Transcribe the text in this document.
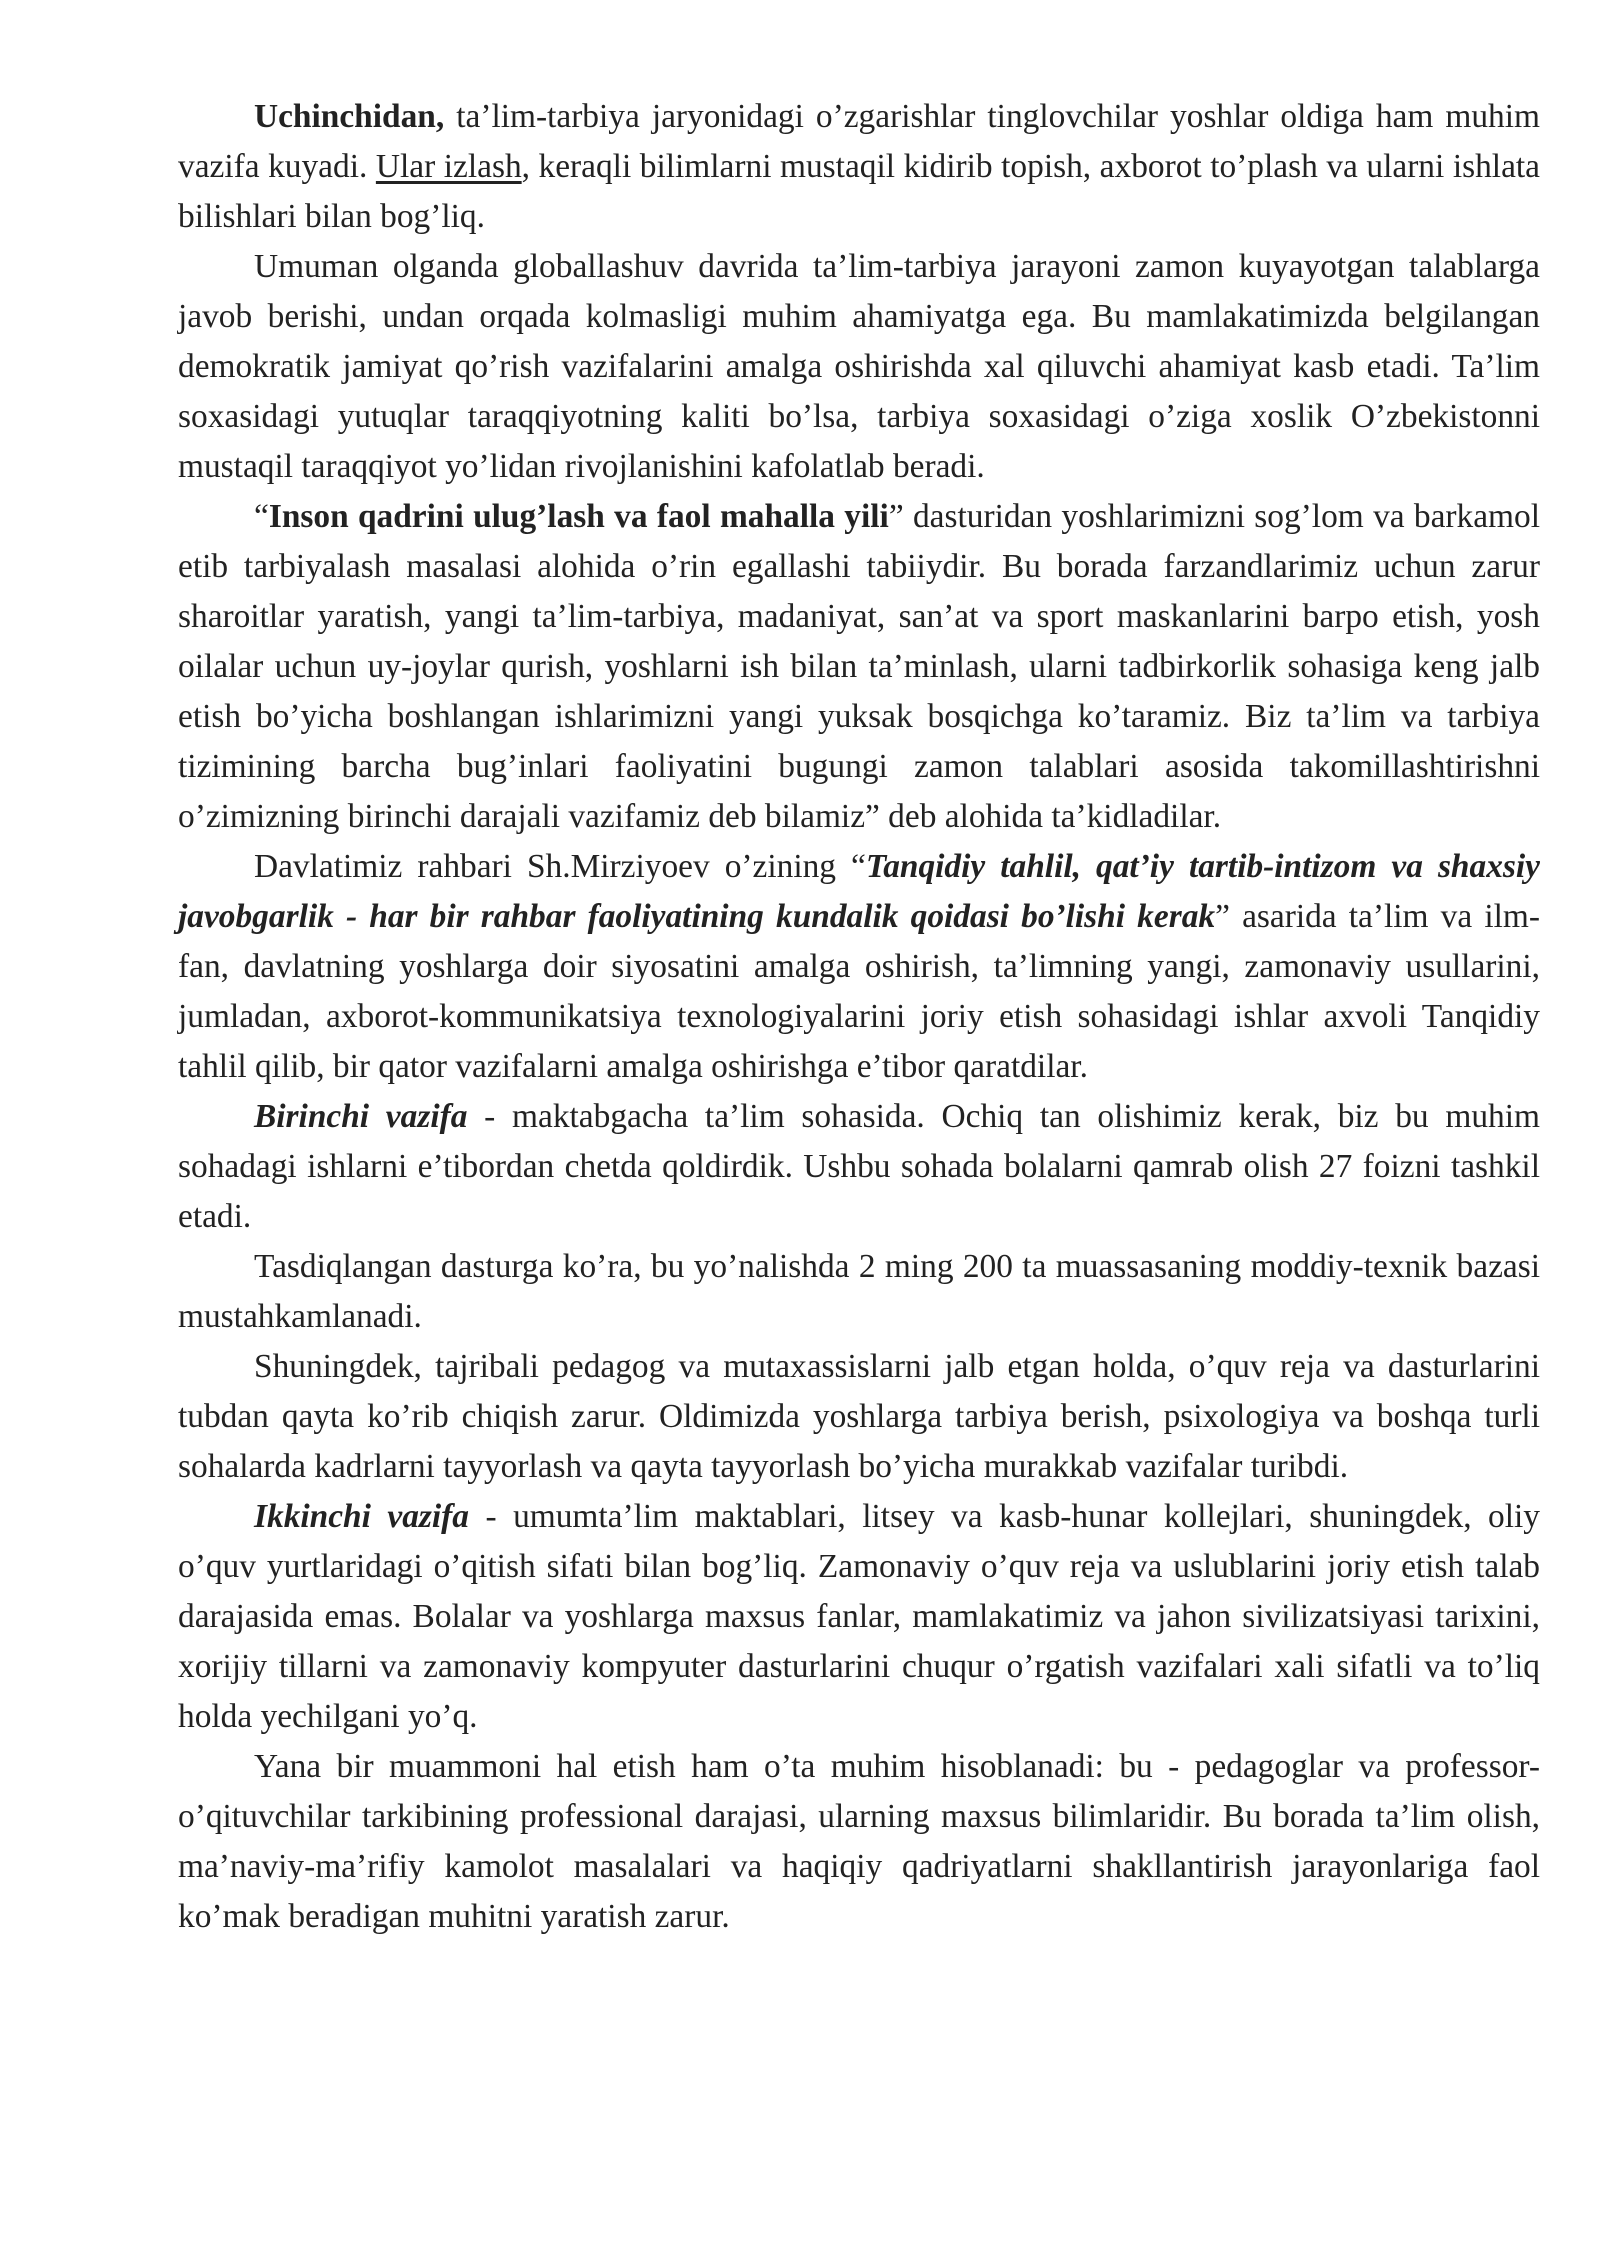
Uchinchidan, ta’lim-tarbiya jaryonidagi o’zgarishlar tinglovchilar yoshlar oldiga ham muhim vazifa kuyadi. Ular izlash, keraqli bilimlarni mustaqil kidirib topish, axborot to’plash va ularni ishlata bilishlari bilan bog’liq.

Umuman olganda globallashuv davrida ta’lim-tarbiya jarayoni zamon kuyayotgan talablarga javob berishi, undan orqada kolmasligi muhim ahamiyatga ega. Bu mamlakatimizda belgilangan demokratik jamiyat qo’rish vazifalarini amalga oshirishda xal qiluvchi ahamiyat kasb etadi. Ta’lim soxasidagi yutuqlar taraqqiyotning kaliti bo’lsa, tarbiya soxasidagi o’ziga xoslik O’zbekistonni mustaqil taraqqiyot yo’lidan rivojlanishini kafolatlab beradi.

“Inson qadrini ulug’lash va faol mahalla yili” dasturidan yoshlarimizni sog’lom va barkamol etib tarbiyalash masalasi alohida o’rin egallashi tabiiydir. Bu borada farzandlarimiz uchun zarur sharoitlar yaratish, yangi ta’lim-tarbiya, madaniyat, san’at va sport maskanlarini barpo etish, yosh oilalar uchun uy-joylar qurish, yoshlarni ish bilan ta’minlash, ularni tadbirkorlik sohasiga keng jalb etish bo’yicha boshlangan ishlarimizni yangi yuksak bosqichga ko’taramiz. Biz ta’lim va tarbiya tizimining barcha bug’inlari faoliyatini bugungi zamon talablari asosida takomillashtirishni o’zimizning birinchi darajali vazifamiz deb bilamiz” deb alohida ta’kidladilar.

Davlatimiz rahbari Sh.Mirziyoev o’zining “Tanqidiy tahlil, qat’iy tartib-intizom va shaxsiy javobgarlik - har bir rahbar faoliyatining kundalik qoidasi bo’lishi kerak” asarida ta’lim va ilm-fan, davlatning yoshlarga doir siyosatini amalga oshirish, ta’limning yangi, zamonaviy usullarini, jumladan, axborot-kommunikatsiya texnologiyalarini joriy etish sohasidagi ishlar axvoli Tanqidiy tahlil qilib, bir qator vazifalarni amalga oshirishga e’tibor qaratdilar.

Birinchi vazifa - maktabgacha ta’lim sohasida. Ochiq tan olishimiz kerak, biz bu muhim sohadagi ishlarni e’tibordan chetda qoldirdik. Ushbu sohada bolalarni qamrab olish 27 foizni tashkil etadi.

Tasdiqlangan dasturga ko’ra, bu yo’nalishda 2 ming 200 ta muassasaning moddiy-texnik bazasi mustahkamlanadi.

Shuningdek, tajribali pedagog va mutaxassislarni jalb etgan holda, o’quv reja va dasturlarini tubdan qayta ko’rib chiqish zarur. Oldimizda yoshlarga tarbiya berish, psixologiya va boshqa turli sohalarda kadrlarni tayyorlash va qayta tayyorlash bo’yicha murakkab vazifalar turibdi.

Ikkinchi vazifa - umumta’lim maktablari, litsey va kasb-hunar kollejlari, shuningdek, oliy o’quv yurtlaridagi o’qitish sifati bilan bog’liq. Zamonaviy o’quv reja va uslublarini joriy etish talab darajasida emas. Bolalar va yoshlarga maxsus fanlar, mamlakatimiz va jahon sivilizatsiyasi tarixini, xorijiy tillarni va zamonaviy kompyuter dasturlarini chuqur o’rgatish vazifalari xali sifatli va to’liq holda yechilgani yo’q.

Yana bir muammoni hal etish ham o’ta muhim hisoblanadi: bu - pedagoglar va professor-o’qituvchilar tarkibining professional darajasi, ularning maxsus bilimlaridir. Bu borada ta’lim olish, ma’naviy-ma’rifiy kamolot masalalari va haqiqiy qadriyatlarni shakllantirish jarayonlariga faol ko’mak beradigan muhitni yaratish zarur.
